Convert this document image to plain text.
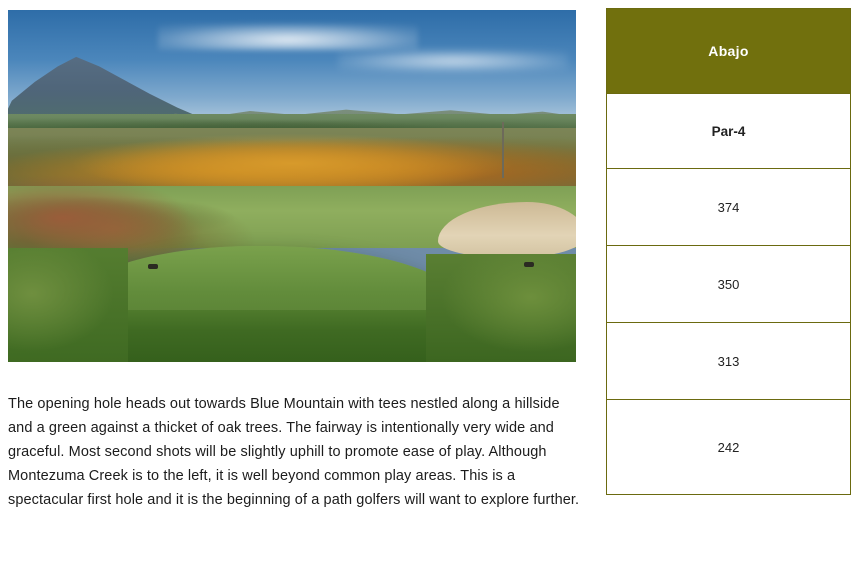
The opening hole heads out towards Blue Mountain with tees nestled along a hillside and a green against a thicket of oak trees. The fairway is intentionally very wide and graceful. Most second shots will be slightly uphill to promote ease of play. Although Montezuma Creek is to the left, it is well beyond common play areas. This is a spectacular first hole and it is the beginning of a path golfers will want to explore further.

Abajo
Par-4
374
350
313
242
